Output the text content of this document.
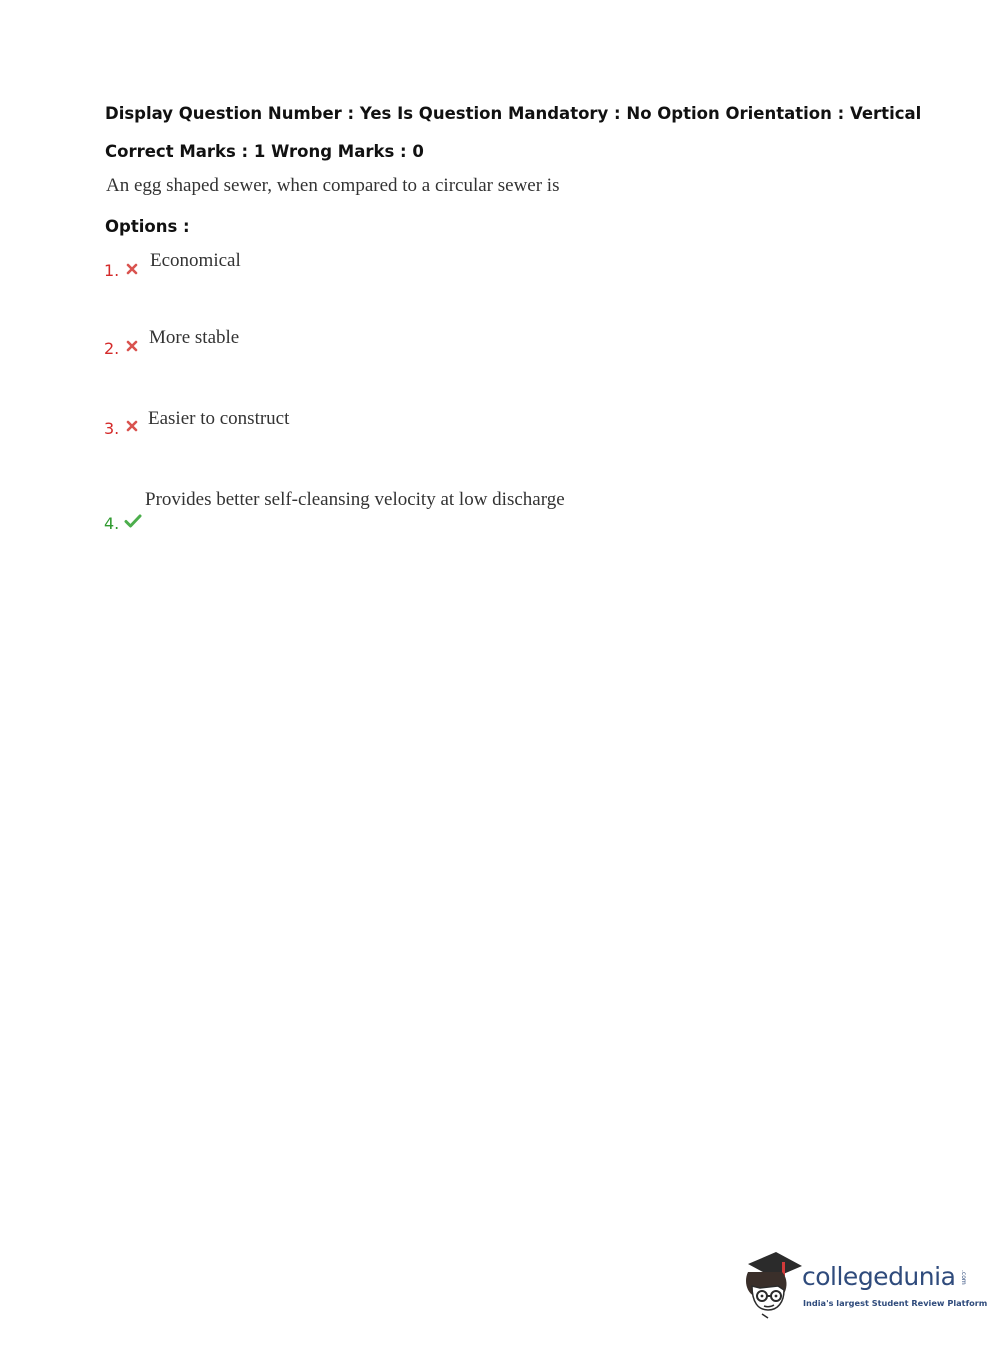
Display Question Number : Yes Is Question Mandatory : No Option Orientation : Vertical
Correct Marks : 1 Wrong Marks : 0
An egg shaped sewer, when compared to a circular sewer is
Options :
1. Economical
2.
More stable
3. Easier to construct
4.
Provides better self-cleansing velocity at low discharge
collegedunia .com
India's largest Student Review Platform
